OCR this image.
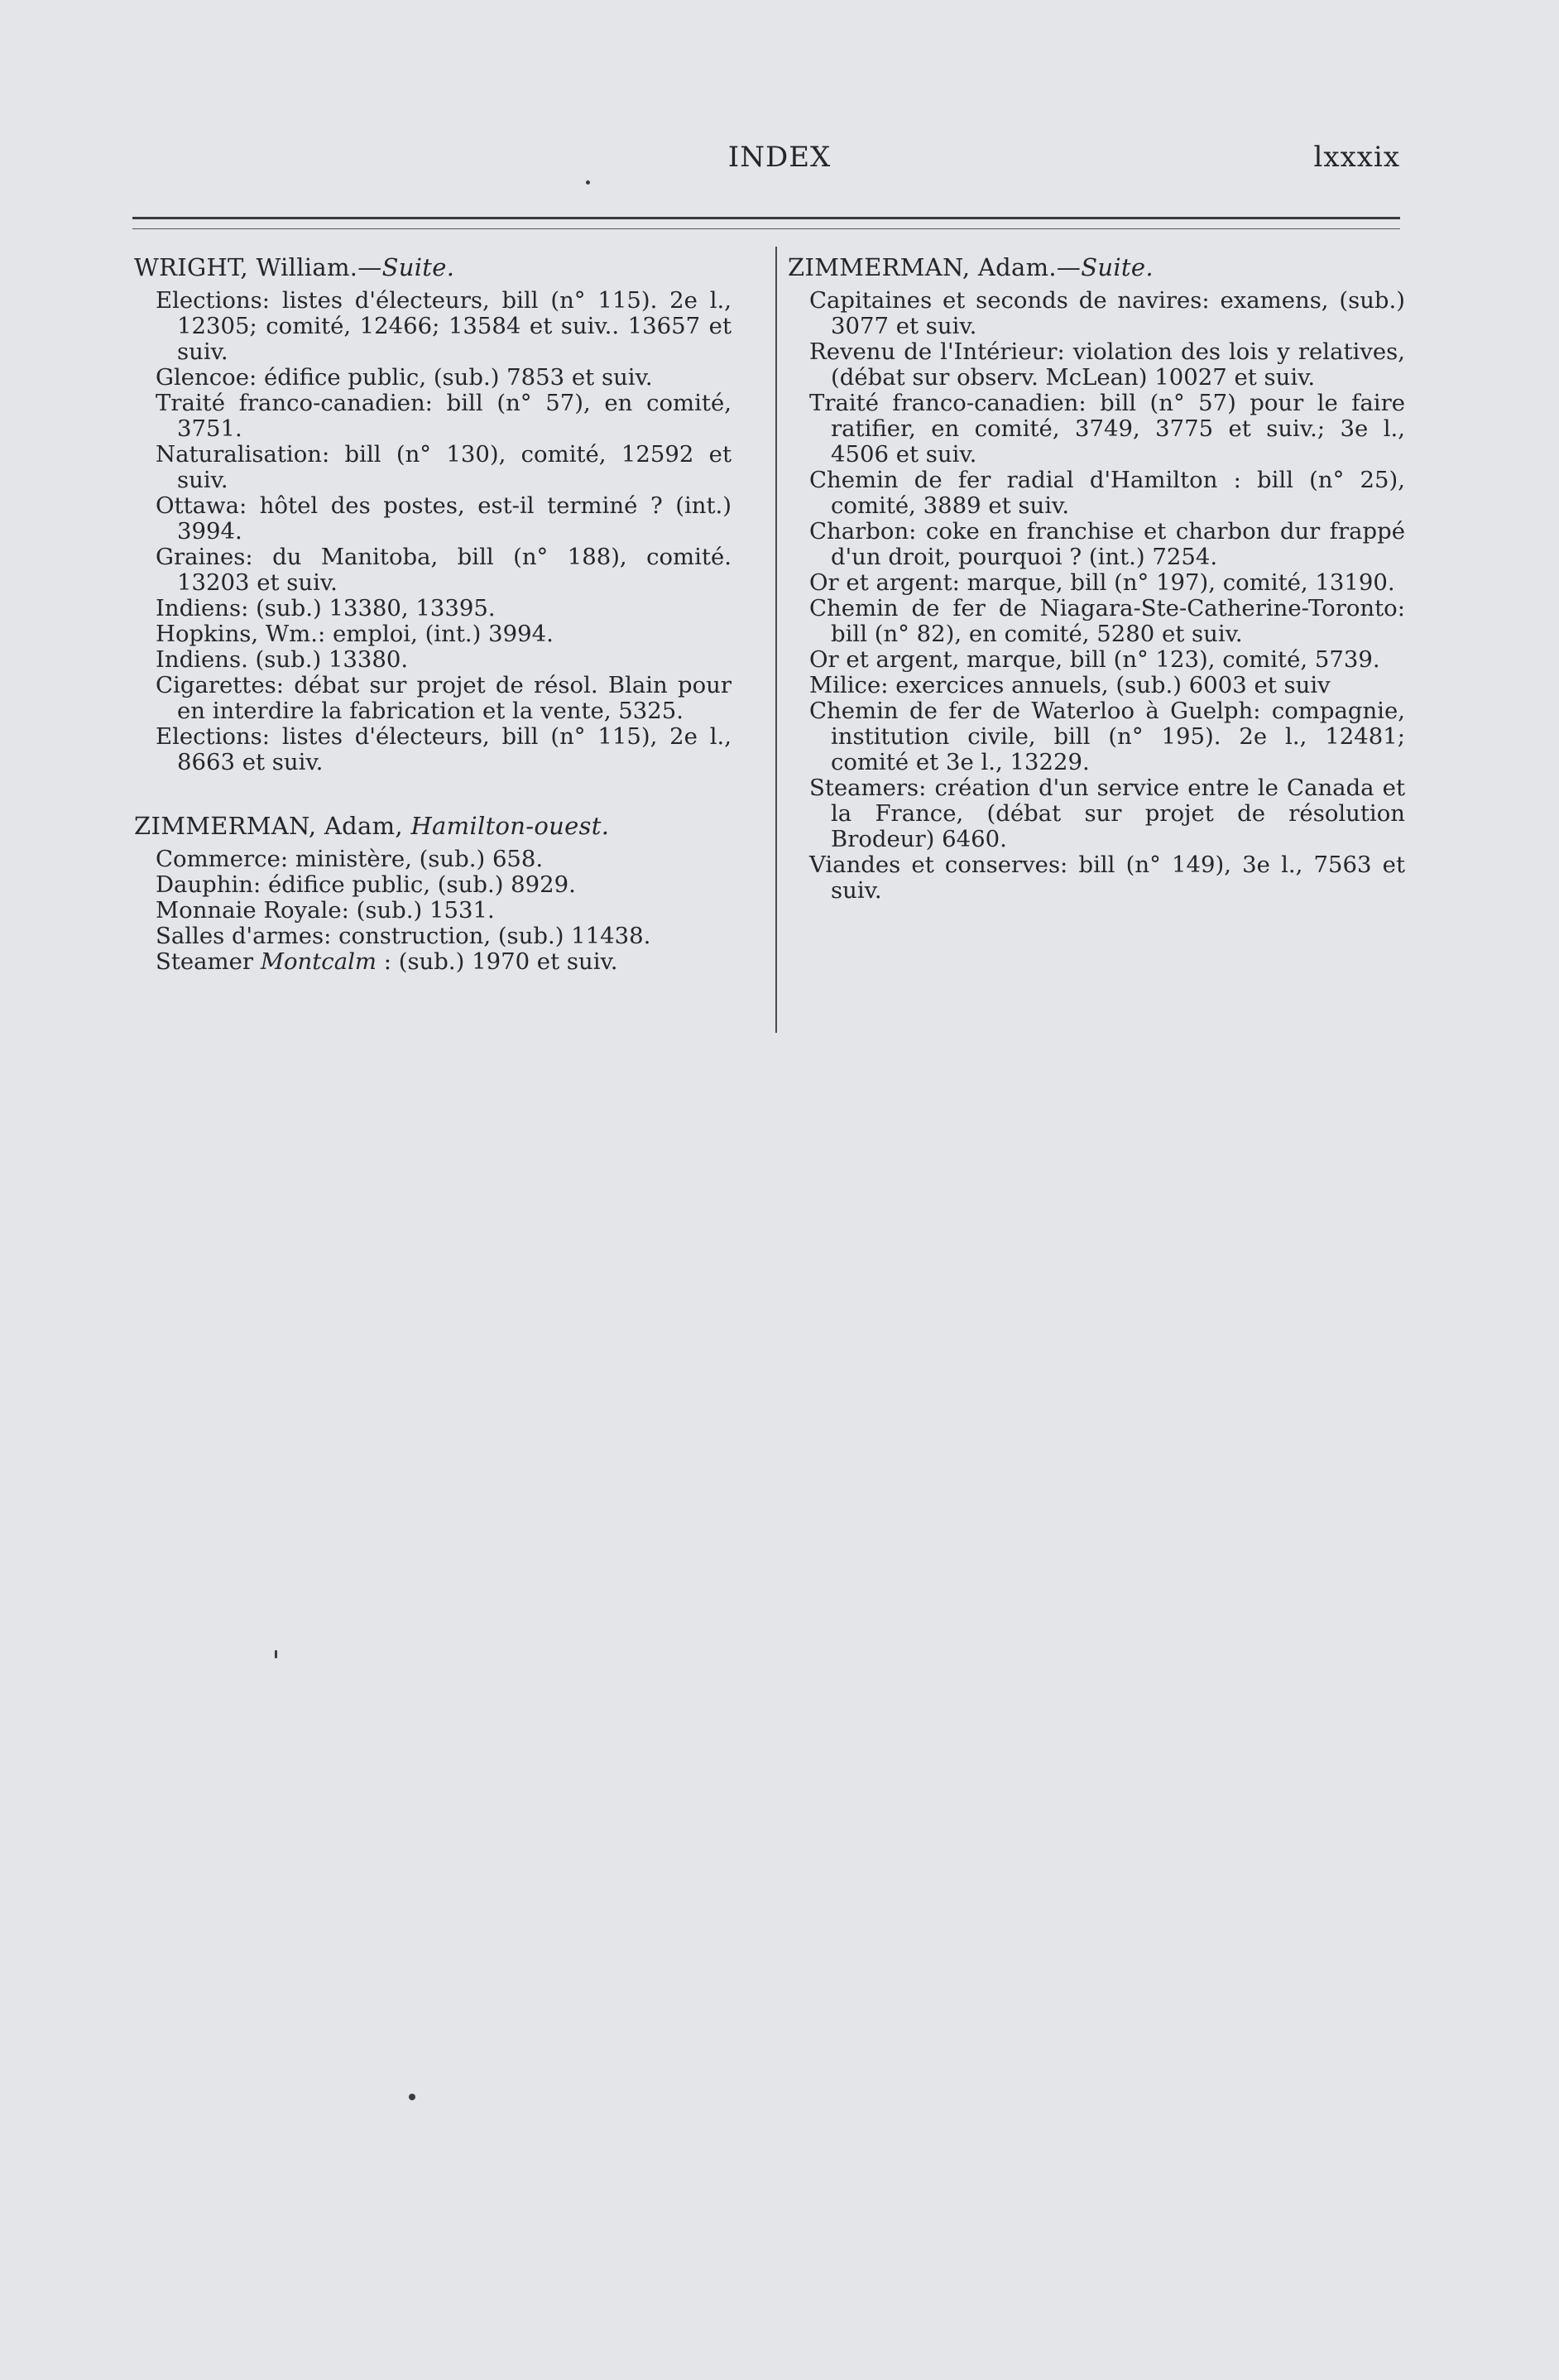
INDEX	lxxxix

WRIGHT, William.—Suite.

Elections: listes d'électeurs, bill (n° 115). 2e l., 12305; comité, 12466; 13584 et suiv.. 13657 et suiv.

Glencoe: édifice public, (sub.) 7853 et suiv.

Traité franco-canadien: bill (n° 57), en comité, 3751.

Naturalisation: bill (n° 130), comité, 12592 et suiv.

Ottawa: hôtel des postes, est-il terminé ? (int.) 3994.

Graines: du Manitoba, bill (n° 188), comité. 13203 et suiv.

Indiens: (sub.) 13380, 13395.

Hopkins, Wm.: emploi, (int.) 3994.

Indiens. (sub.) 13380.

Cigarettes: débat sur projet de résol. Blain pour en interdire la fabrication et la vente, 5325.

Elections: listes d'électeurs, bill (n° 115), 2e l., 8663 et suiv.

ZIMMERMAN, Adam, Hamilton-ouest.

Commerce: ministère, (sub.) 658.

Dauphin: édifice public, (sub.) 8929.

Monnaie Royale: (sub.) 1531.

Salles d'armes: construction, (sub.) 11438.

Steamer Montcalm : (sub.) 1970 et suiv.

ZIMMERMAN, Adam.—Suite.

Capitaines et seconds de navires: examens, (sub.) 3077 et suiv.

Revenu de l'Intérieur: violation des lois y relatives, (débat sur observ. McLean) 10027 et suiv.

Traité franco-canadien: bill (n° 57) pour le faire ratifier, en comité, 3749, 3775 et suiv.; 3e l., 4506 et suiv.

Chemin de fer radial d'Hamilton : bill (n° 25), comité, 3889 et suiv.

Charbon: coke en franchise et charbon dur frappé d'un droit, pourquoi ? (int.) 7254.

Or et argent: marque, bill (n° 197), comité, 13190.

Chemin de fer de Niagara-Ste-Catherine-Toronto: bill (n° 82), en comité, 5280 et suiv.

Or et argent, marque, bill (n° 123), comité, 5739.

Milice: exercices annuels, (sub.) 6003 et suiv

Chemin de fer de Waterloo à Guelph: compagnie, institution civile, bill (n° 195). 2e l., 12481; comité et 3e l., 13229.

Steamers: création d'un service entre le Canada et la France, (débat sur projet de résolution Brodeur) 6460.

Viandes et conserves: bill (n° 149), 3e l., 7563 et suiv.
